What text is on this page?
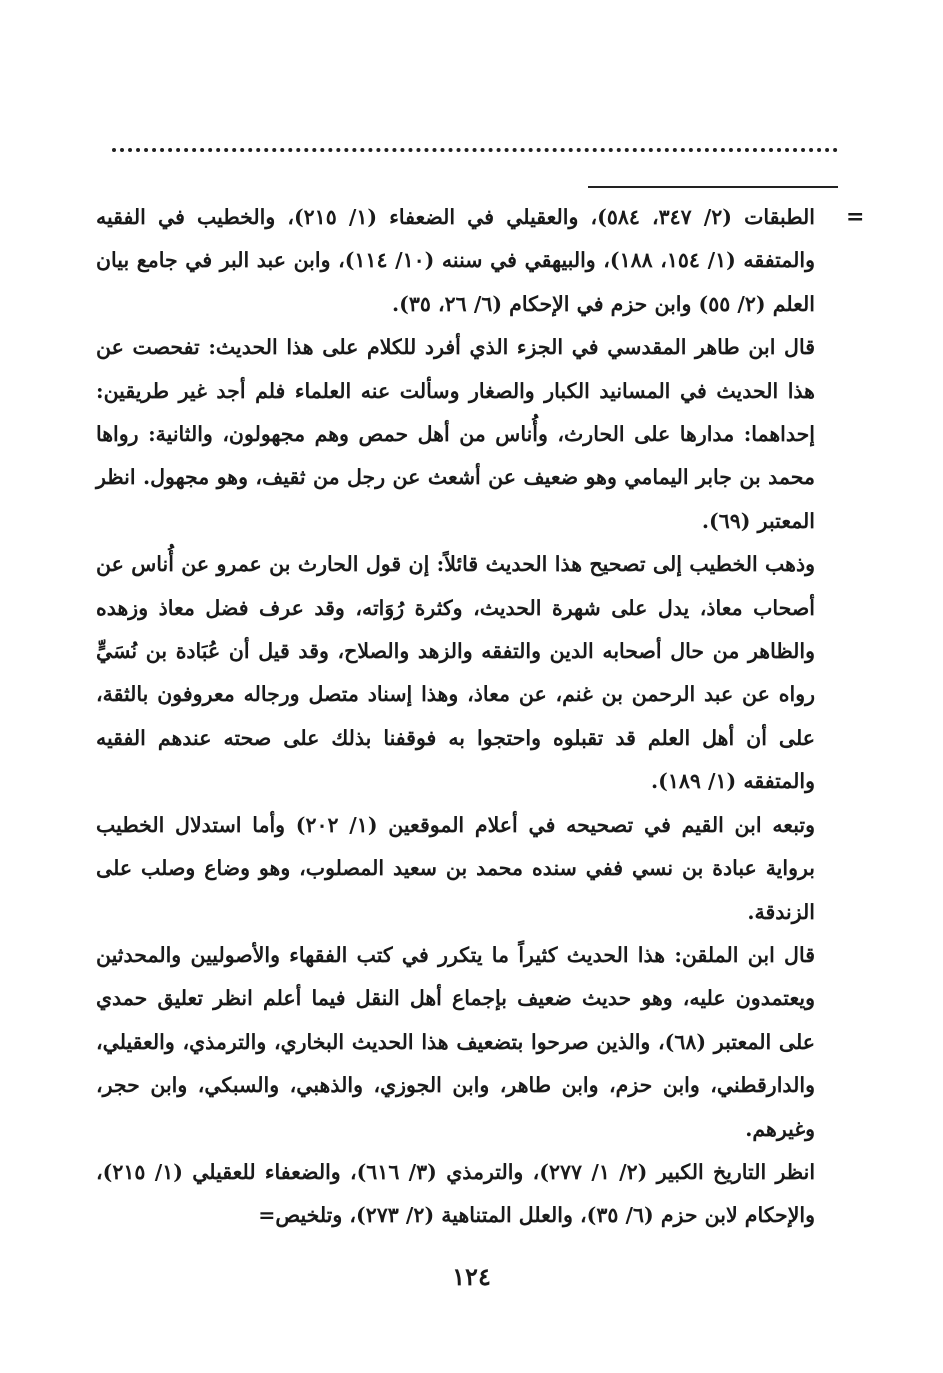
=

الطبقات (٢/ ٣٤٧، ٥٨٤)، والعقيلي في الضعفاء (١/ ٢١٥)، والخطيب في الفقيه والمتفقه (١/ ١٥٤، ١٨٨)، والبيهقي في سننه (١٠/ ١١٤)، وابن عبد البر في جامع بيان العلم (٢/ ٥٥) وابن حزم في الإحكام (٦/ ٢٦، ٣٥).

قال ابن طاهر المقدسي في الجزء الذي أفرد للكلام على هذا الحديث: تفحصت عن هذا الحديث في المسانيد الكبار والصغار وسألت عنه العلماء فلم أجد غير طريقين: إحداهما: مدارها على الحارث، وأُناس من أهل حمص وهم مجهولون، والثانية: رواها محمد بن جابر اليمامي وهو ضعيف عن أشعث عن رجل من ثقيف، وهو مجهول. انظر المعتبر (٦٩).

وذهب الخطيب إلى تصحيح هذا الحديث قائلاً: إن قول الحارث بن عمرو عن أُناس عن أصحاب معاذ، يدل على شهرة الحديث، وكثرة رُوَاته، وقد عرف فضل معاذ وزهده والظاهر من حال أصحابه الدين والتفقه والزهد والصلاح، وقد قيل أن عُبَادة بن نُسَيٍّ رواه عن عبد الرحمن بن غنم، عن معاذ، وهذا إسناد متصل ورجاله معروفون بالثقة، على أن أهل العلم قد تقبلوه واحتجوا به فوقفنا بذلك على صحته عندهم الفقيه والمتفقه (١/ ١٨٩).

وتبعه ابن القيم في تصحيحه في أعلام الموقعين (١/ ٢٠٢) وأما استدلال الخطيب برواية عبادة بن نسي ففي سنده محمد بن سعيد المصلوب، وهو وضاع وصلب على الزندقة.

قال ابن الملقن: هذا الحديث كثيراً ما يتكرر في كتب الفقهاء والأصوليين والمحدثين ويعتمدون عليه، وهو حديث ضعيف بإجماع أهل النقل فيما أعلم انظر تعليق حمدي على المعتبر (٦٨)، والذين صرحوا بتضعيف هذا الحديث البخاري، والترمذي، والعقيلي، والدارقطني، وابن حزم، وابن طاهر، وابن الجوزي، والذهبي، والسبكي، وابن حجر، وغيرهم.

انظر التاريخ الكبير (٢/ ١/ ٢٧٧)، والترمذي (٣/ ٦١٦)، والضعفاء للعقيلي (١/ ٢١٥)، والإحكام لابن حزم (٦/ ٣٥)، والعلل المتناهية (٢/ ٢٧٣)، وتلخيص=

١٢٤
